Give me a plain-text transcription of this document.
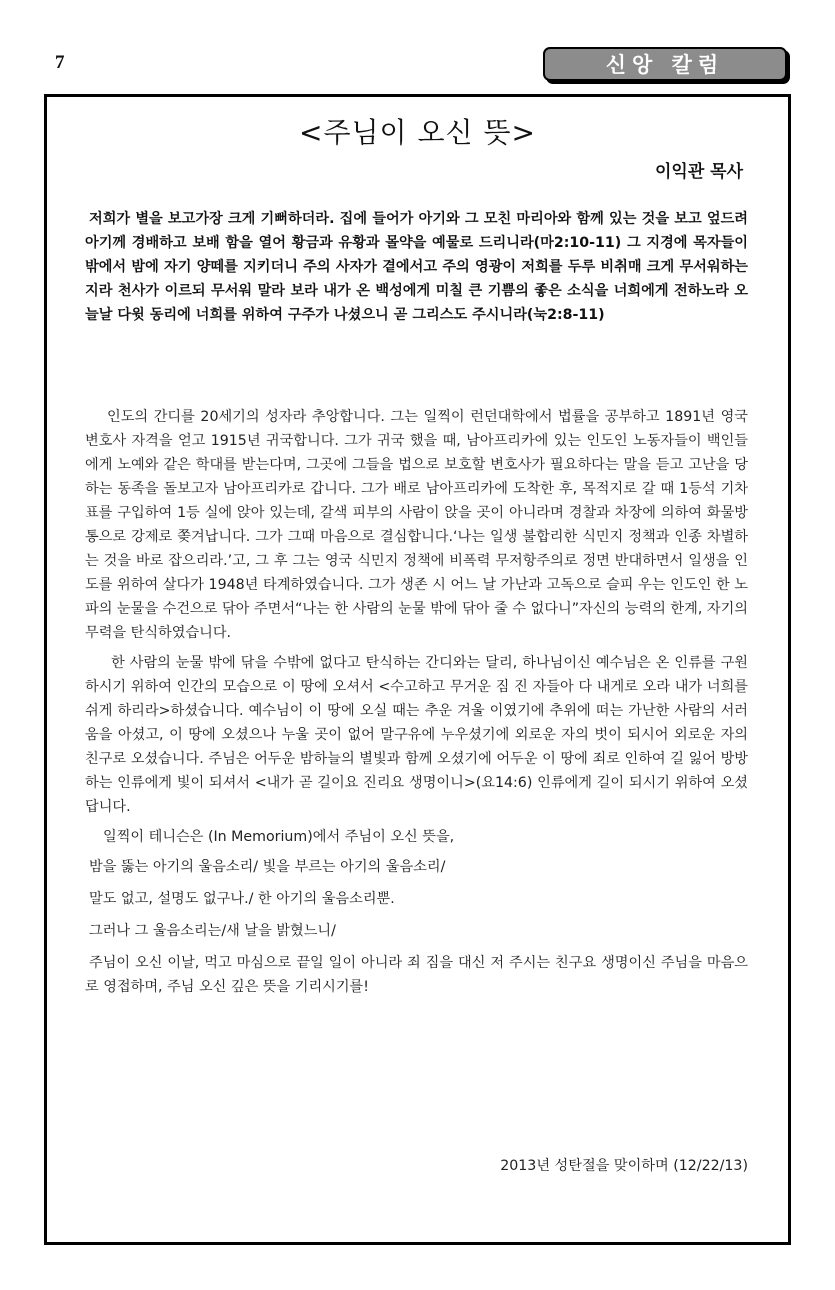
7	신앙 칼럼
<주님이 오신 뜻>
이익관 목사
저희가 별을 보고가장 크게 기뻐하더라. 집에 들어가 아기와 그 모친 마리아와 함께 있는 것을 보고 엎드려 아기께 경배하고 보배 함을 열어 황금과 유황과 몰약을 예물로 드리니라(마2:10-11) 그 지경에 목자들이 밖에서 밤에 자기 양떼를 지키더니 주의 사자가 곁에서고 주의 영광이 저희를 두루 비취매 크게 무서워하는지라 천사가 이르되 무서워 말라 보라 내가 온 백성에게 미칠 큰 기쁨의 좋은 소식을 너희에게 전하노라 오늘날 다윗 동리에 너희를 위하여 구주가 나셨으니 곧 그리스도 주시니라(눅2:8-11)

인도의 간디를 20세기의 성자라 추앙합니다. 그는 일찍이 런던대학에서 법률을 공부하고 1891년 영국변호사 자격을 얻고 1915년 귀국합니다. 그가 귀국 했을 때, 남아프리카에 있는 인도인 노동자들이 백인들에게 노예와 같은 학대를 받는다며, 그곳에 그들을 법으로 보호할 변호사가 필요하다는 말을 듣고 고난을 당하는 동족을 돌보고자 남아프리카로 갑니다. 그가 배로 남아프리카에 도착한 후, 목적지로 갈 때 1등석 기차표를 구입하여 1등 실에 앉아 있는데, 갈색 피부의 사람이 앉을 곳이 아니라며 경찰과 차장에 의하여 화물방통으로 강제로 쫒겨납니다. 그가 그때 마음으로 결심합니다.‘나는 일생 불합리한 식민지 정책과 인종 차별하는 것을 바로 잡으리라.’고, 그 후 그는 영국 식민지 정책에 비폭력 무저항주의로 정면 반대하면서 일생을 인도를 위하여 살다가 1948년 타계하였습니다. 그가 생존 시 어느 날 가난과 고독으로 슬피 우는 인도인 한 노파의 눈물을 수건으로 닦아 주면서“나는 한 사람의 눈물 밖에 닦아 줄 수 없다니”자신의 능력의 한계, 자기의 무력을 탄식하였습니다.

한 사람의 눈물 밖에 닦을 수밖에 없다고 탄식하는 간디와는 달리, 하나님이신 예수님은 온 인류를 구원하시기 위하여 인간의 모습으로 이 땅에 오셔서 <수고하고 무거운 짐 진 자들아 다 내게로 오라 내가 너희를 쉬게 하리라>하셨습니다. 예수님이 이 땅에 오실 때는 추운 겨울 이였기에 추위에 떠는 가난한 사람의 서러움을 아셨고, 이 땅에 오셨으나 누울 곳이 없어 말구유에 누우셨기에 외로운 자의 벗이 되시어 외로운 자의 친구로 오셨습니다. 주님은 어두운 밤하늘의 별빛과 함께 오셨기에 어두운 이 땅에 죄로 인하여 길 잃어 방방하는 인류에게 빛이 되셔서 <내가 곧 길이요 진리요 생명이니>(요14:6) 인류에게 길이 되시기 위하여 오셨답니다.

일찍이 테니슨은 (In Memorium)에서 주님이 오신 뜻을,

밤을 뚫는 아기의 울음소리/ 빛을 부르는 아기의 울음소리/

말도 없고, 설명도 없구나./ 한 아기의 울음소리뿐.

그러나 그 울음소리는/새 날을 밝혔느니/

주님이 오신 이날, 먹고 마심으로 끝일 일이 아니라 죄 짐을 대신 저 주시는 친구요 생명이신 주님을 마음으로 영접하며, 주님 오신 깊은 뜻을 기리시기를!

2013년 성탄절을 맞이하며 (12/22/13)
